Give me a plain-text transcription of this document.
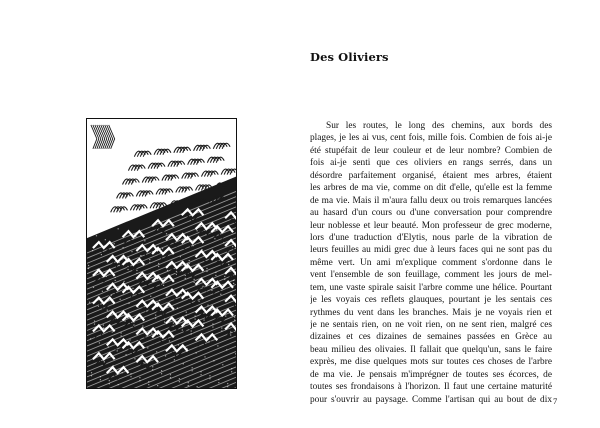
Des Oliviers
Sur les routes, le long des chemins, aux bords des
plages, je les ai vus, cent fois, mille fois. Combien de fois ai-je
été stupéfait de leur couleur et de leur nombre? Combien de
fois ai-je senti que ces oliviers en rangs serrés, dans un
désordre parfaitement organisé, étaient mes arbres, étaient
les arbres de ma vie, comme on dit d'elle, qu'elle est la femme
de ma vie. Mais il m'aura fallu deux ou trois remarques lancées
au hasard d'un cours ou d'une conversation pour comprendre
leur noblesse et leur beauté. Mon professeur de grec moderne,
lors d'une traduction d'Elytis, nous parle de la vibration de
leurs feuilles au midi grec due à leurs faces qui ne sont pas du
même vert. Un ami m'explique comment s'ordonne dans le
vent l'ensemble de son feuillage, comment les jours de mel-
tem, une vaste spirale saisit l'arbre comme une hélice. Pourtant
je les voyais ces reflets glauques, pourtant je les sentais ces
rythmes du vent dans les branches. Mais je ne voyais rien et
je ne sentais rien, on ne voit rien, on ne sent rien, malgré ces
dizaines et ces dizaines de semaines passées en Grèce au
beau milieu des olivaies. Il fallait que quelqu'un, sans le faire
exprès, me dise quelques mots sur toutes ces choses de l'arbre
de ma vie. Je pensais m'imprégner de toutes ses écorces, de
toutes ses frondaisons à l'horizon. Il faut une certaine maturité
pour s'ouvrir au paysage. Comme l'artisan qui au bout de dix 7
